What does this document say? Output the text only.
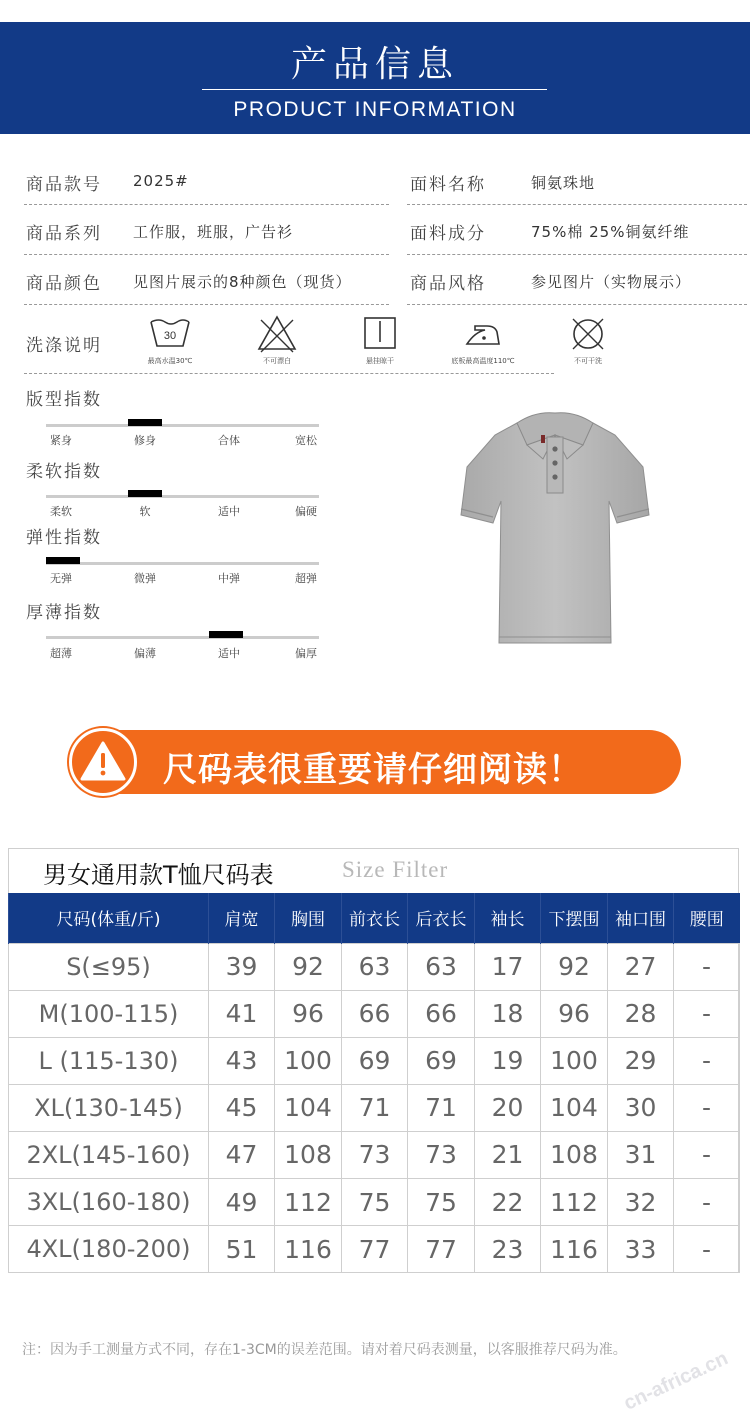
cn-africa.cn
产品信息
PRODUCT INFORMATION
商品款号 2025#	面料名称	铜氨珠地
商品系列 工作服，班服，广告衫	面料成分	75%棉 25%铜氨纤维
商品颜色 见图片展示的8种颜色（现货）	商品风格	参见图片（实物展示）
洗涤说明	30
最高水温30℃	不可漂白	悬挂晾干	底板最高温度110℃	不可干洗
版型指数
紧身	修身	合体	宽松
柔软指数
柔软	软	适中	偏硬
弹性指数
无弹	微弹	中弹	超弹
厚薄指数
超薄	偏薄	适中	偏厚
尺码表很重要请仔细阅读！
男女通用款T恤尺码表	Size Filter
尺码(体重/斤)	肩宽	胸围	前衣长	后衣长	袖长	下摆围	袖口围	腰围
S(≤95)	39	92	63	63	17	92	27	-
M(100-115)	41	96	66	66	18	96	28	-
L (115-130)	43	100	69	69	19	100	29	-
XL(130-145)	45	104	71	71	20	104	30	-
2XL(145-160)	47	108	73	73	21	108	31	-
3XL(160-180)	49	112	75	75	22	112	32	-
4XL(180-200)	51	116	77	77	23	116	33	-
注：因为手工测量方式不同，存在1-3CM的误差范围。请对着尺码表测量，以客服推荐尺码为准。
